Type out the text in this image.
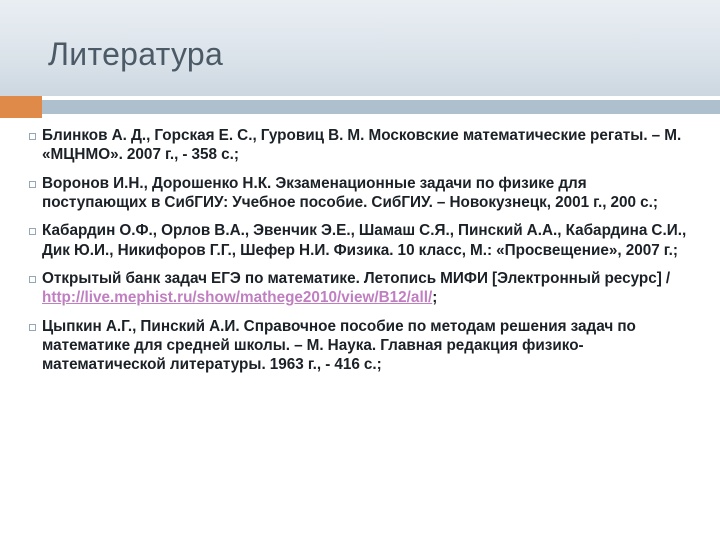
Литература
Блинков А. Д., Горская Е. С., Гуровиц В. М. Московские математические регаты. – М. «МЦНМО». 2007 г., - 358 с.;
Воронов И.Н., Дорошенко Н.К. Экзаменационные задачи по физике для поступающих в СибГИУ: Учебное пособие. СибГИУ. – Новокузнецк, 2001 г., 200 с.;
Кабардин О.Ф., Орлов В.А., Эвенчик Э.Е., Шамаш С.Я., Пинский А.А., Кабардина С.И., Дик Ю.И., Никифоров Г.Г., Шефер Н.И. Физика. 10 класс, М.: «Просвещение», 2007 г.;
Открытый банк задач ЕГЭ по математике. Летопись МИФИ [Электронный ресурс] / http://live.mephist.ru/show/mathege2010/view/B12/all/;
Цыпкин А.Г., Пинский А.И. Справочное пособие по методам решения задач по математике для средней школы. – М. Наука. Главная редакция физико-математической литературы. 1963 г., - 416 с.;
